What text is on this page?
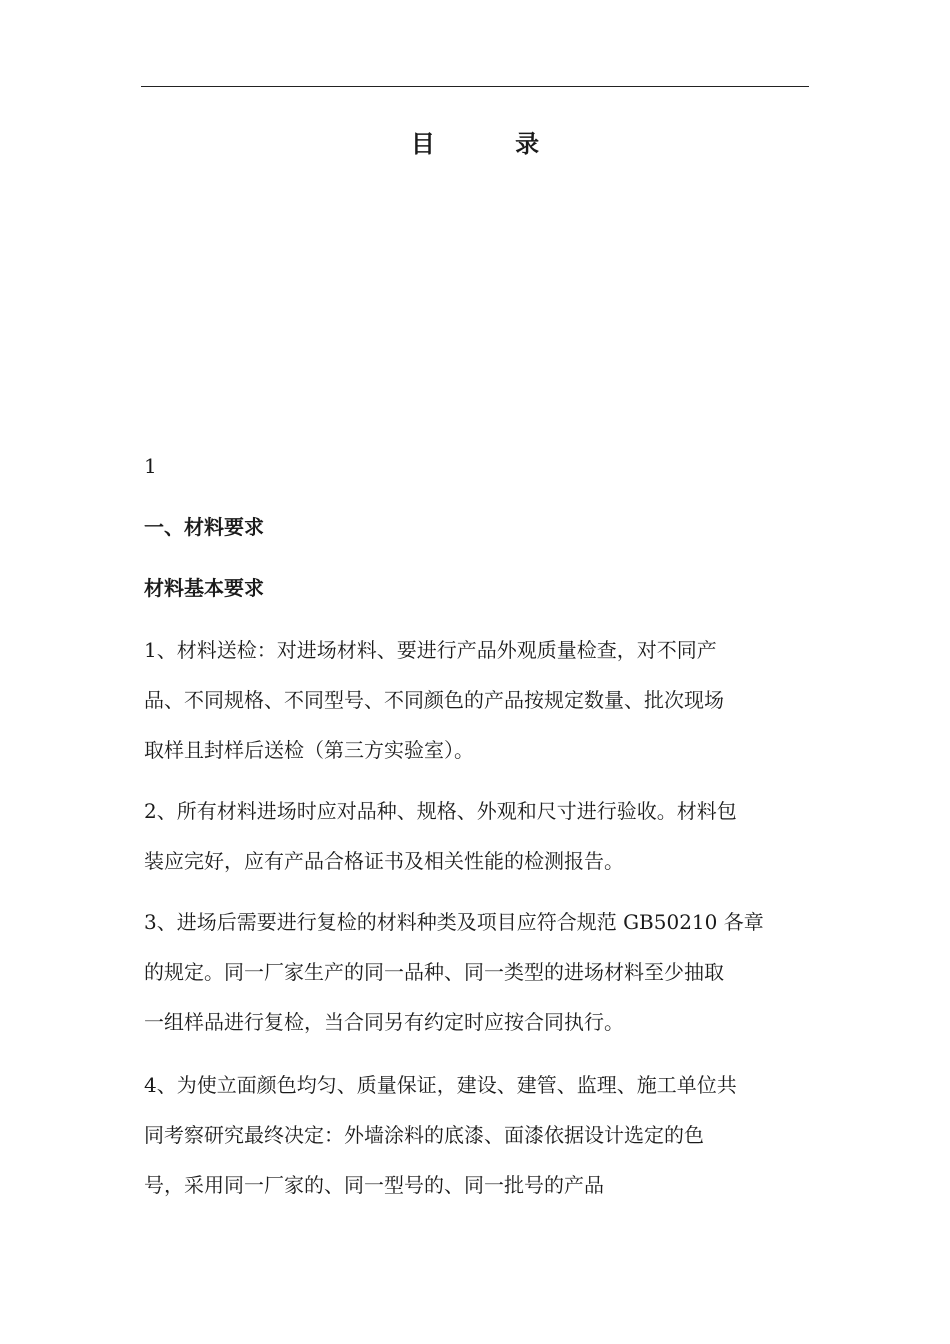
目 录
1
一、材料要求
材料基本要求

1、材料送检：对进场材料、要进行产品外观质量检查，对不同产
品、不同规格、不同型号、不同颜色的产品按规定数量、批次现场
取样且封样后送检（第三方实验室）。

2、所有材料进场时应对品种、规格、外观和尺寸进行验收。材料包
装应完好，应有产品合格证书及相关性能的检测报告。

3、进场后需要进行复检的材料种类及项目应符合规范 GB50210 各章
的规定。同一厂家生产的同一品种、同一类型的进场材料至少抽取
一组样品进行复检，当合同另有约定时应按合同执行。

4、为使立面颜色均匀、质量保证，建设、建管、监理、施工单位共
同考察研究最终决定：外墙涂料的底漆、面漆依据设计选定的色
号，采用同一厂家的、同一型号的、同一批号的产品
